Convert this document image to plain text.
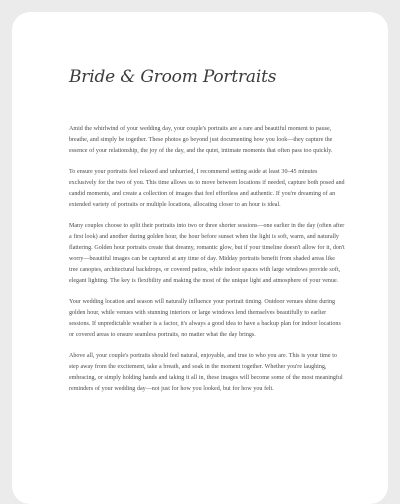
Bride & Groom Portraits

Amid the whirlwind of your wedding day, your couple's portraits are a rare and beautiful moment to pause, breathe, and simply be together. These photos go beyond just documenting how you look—they capture the essence of your relationship, the joy of the day, and the quiet, intimate moments that often pass too quickly.

To ensure your portraits feel relaxed and unhurried, I recommend setting aside at least 30–45 minutes exclusively for the two of you. This time allows us to move between locations if needed, capture both posed and candid moments, and create a collection of images that feel effortless and authentic. If you're dreaming of an extended variety of portraits or multiple locations, allocating closer to an hour is ideal.

Many couples choose to split their portraits into two or three shorter sessions—one earlier in the day (often after a first look) and another during golden hour, the hour before sunset when the light is soft, warm, and naturally flattering. Golden hour portraits create that dreamy, romantic glow, but if your timeline doesn't allow for it, don't worry—beautiful images can be captured at any time of day. Midday portraits benefit from shaded areas like tree canopies, architectural backdrops, or covered patios, while indoor spaces with large windows provide soft, elegant lighting. The key is flexibility and making the most of the unique light and atmosphere of your venue.

Your wedding location and season will naturally influence your portrait timing. Outdoor venues shine during golden hour, while venues with stunning interiors or large windows lend themselves beautifully to earlier sessions. If unpredictable weather is a factor, it's always a good idea to have a backup plan for indoor locations or covered areas to ensure seamless portraits, no matter what the day brings.

Above all, your couple's portraits should feel natural, enjoyable, and true to who you are. This is your time to step away from the excitement, take a breath, and soak in the moment together. Whether you're laughing, embracing, or simply holding hands and taking it all in, these images will become some of the most meaningful reminders of your wedding day—not just for how you looked, but for how you felt.
